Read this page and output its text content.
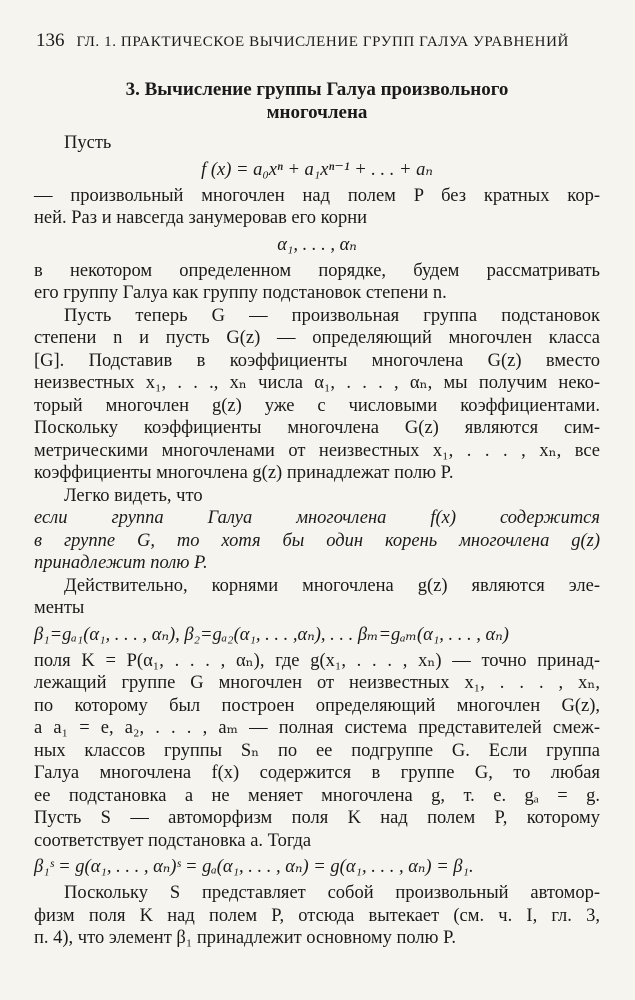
136 ГЛ. 1. ПРАКТИЧЕСКОЕ ВЫЧИСЛЕНИЕ ГРУПП ГАЛУА УРАВНЕНИЙ
3. Вычисление группы Галуа произвольного
многочлена

Пусть

f (x) = a₀xⁿ + a₁xⁿ⁻¹ + . . . + aₙ

— произвольный многочлен над полем P без кратных кор-

ней. Раз и навсегда занумеровав его корни

α₁, . . . , αₙ

в некотором определенном порядке, будем рассматривать

его группу Галуа как группу подстановок степени n.

Пусть теперь G — произвольная группа подстановок

степени n и пусть G(z) — определяющий многочлен класса

[G]. Подставив в коэффициенты многочлена G(z) вместо

неизвестных x₁, . . ., xₙ числа α₁, . . . , αₙ, мы получим неко-

торый многочлен g(z) уже с числовыми коэффициентами.

Поскольку коэффициенты многочлена G(z) являются сим-

метрическими многочленами от неизвестных x₁, . . . , xₙ, все

коэффициенты многочлена g(z) принадлежат полю P.

Легко видеть, что

если группа Галуа многочлена f(x) содержится

в группе G, то хотя бы один корень многочлена g(z)

принадлежит полю P.

Действительно, корнями многочлена g(z) являются эле-

менты

β₁=gₐ₁(α₁, . . . , αₙ), β₂=gₐ₂(α₁, . . . ,αₙ), . . . βₘ=gₐₘ(α₁, . . . , αₙ)

поля K = P(α₁, . . . , αₙ), где g(x₁, . . . , xₙ) — точно принад-

лежащий группе G многочлен от неизвестных x₁, . . . , xₙ,

по которому был построен определяющий многочлен G(z),

а a₁ = e, a₂, . . . , aₘ — полная система представителей смеж-

ных классов группы Sₙ по ее подгруппе G. Если группа

Галуа многочлена f(x) содержится в группе G, то любая

ее подстановка a не меняет многочлена g, т. е. gₐ = g.

Пусть S — автоморфизм поля K над полем P, которому

соответствует подстановка a. Тогда

β₁ˢ = g(α₁, . . . , αₙ)ˢ = gₐ(α₁, . . . , αₙ) = g(α₁, . . . , αₙ) = β₁.

Поскольку S представляет собой произвольный автомор-

физм поля K над полем P, отсюда вытекает (см. ч. I, гл. 3,

п. 4), что элемент β₁ принадлежит основному полю P.
